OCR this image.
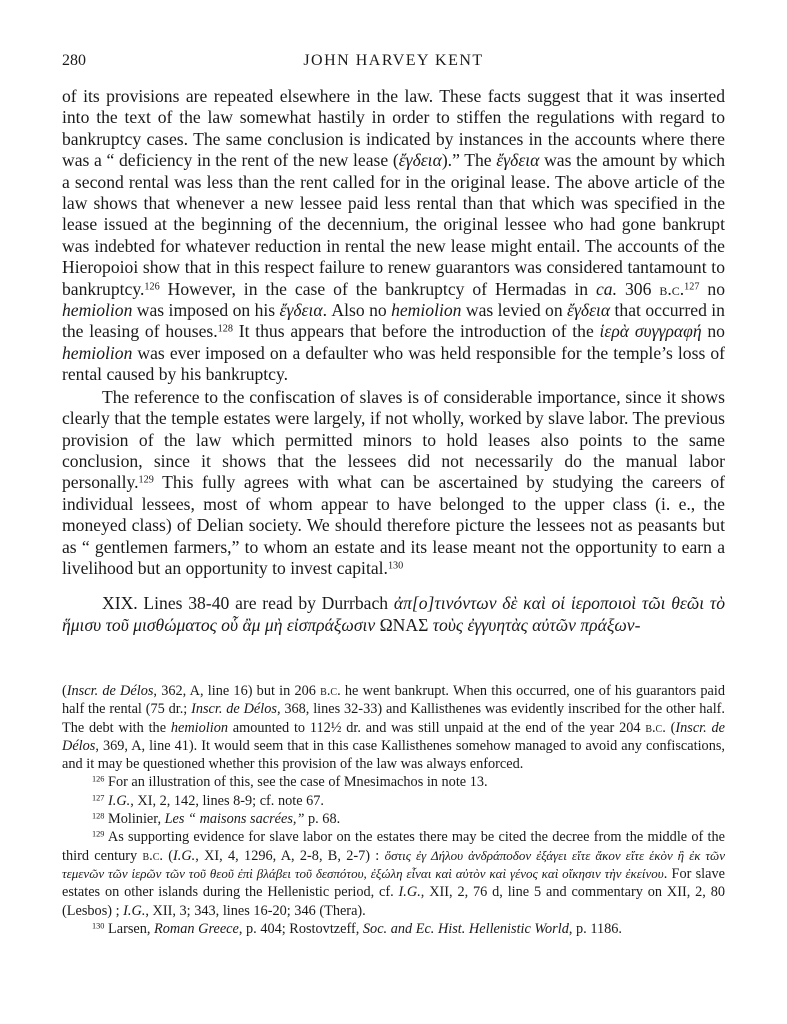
280	JOHN HARVEY KENT

of its provisions are repeated elsewhere in the law. These facts suggest that it was inserted into the text of the law somewhat hastily in order to stiffen the regulations with regard to bankruptcy cases. The same conclusion is indicated by instances in the accounts where there was a “ deficiency in the rent of the new lease (ἔγδεια).” The ἔγδεια was the amount by which a second rental was less than the rent called for in the original lease. The above article of the law shows that whenever a new lessee paid less rental than that which was specified in the lease issued at the beginning of the decennium, the original lessee who had gone bankrupt was indebted for whatever reduction in rental the new lease might entail. The accounts of the Hieropoioi show that in this respect failure to renew guarantors was considered tantamount to bankruptcy.$^{126}$ However, in the case of the bankruptcy of Hermadas in ca. 306 b.c.$^{127}$ no hemiolion was imposed on his ἔγδεια. Also no hemiolion was levied on ἔγδεια that occurred in the leasing of houses.$^{128}$ It thus appears that before the introduction of the ἱερὰ συγγραφή no hemiolion was ever imposed on a defaulter who was held responsible for the temple’s loss of rental caused by his bankruptcy.

The reference to the confiscation of slaves is of considerable importance, since it shows clearly that the temple estates were largely, if not wholly, worked by slave labor. The previous provision of the law which permitted minors to hold leases also points to the same conclusion, since it shows that the lessees did not necessarily do the manual labor personally.$^{129}$ This fully agrees with what can be ascertained by studying the careers of individual lessees, most of whom appear to have belonged to the upper class (i. e., the moneyed class) of Delian society. We should therefore picture the lessees not as peasants but as “ gentlemen farmers,” to whom an estate and its lease meant not the opportunity to earn a livelihood but an opportunity to invest capital.$^{130}$

XIX. Lines 38-40 are read by Durrbach ἀπ[ο]τινόντων δὲ καὶ οἱ ἱεροποιοὶ τῶι θεῶι τὸ ἥμισυ τοῦ μισθώματος οὗ ἂμ μὴ εἰσπράξωσιν ΩΝΑΣ τοὺς ἐγγυητὰς αὐτῶν πράξων-

(Inscr. de Délos, 362, A, line 16) but in 206 b.c. he went bankrupt. When this occurred, one of his guarantors paid half the rental (75 dr.; Inscr. de Délos, 368, lines 32-33) and Kallisthenes was evidently inscribed for the other half. The debt with the hemiolion amounted to 112½ dr. and was still unpaid at the end of the year 204 b.c. (Inscr. de Délos, 369, A, line 41). It would seem that in this case Kallisthenes somehow managed to avoid any confiscations, and it may be questioned whether this provision of the law was always enforced.

$^{126}$ For an illustration of this, see the case of Mnesimachos in note 13.

$^{127}$ I.G., XI, 2, 142, lines 8-9; cf. note 67.

$^{128}$ Molinier, Les “ maisons sacrées,” p. 68.

$^{129}$ As supporting evidence for slave labor on the estates there may be cited the decree from the middle of the third century b.c. (I.G., XI, 4, 1296, A, 2-8, B, 2-7) : ὅστις ἐγ Δήλου ἀνδράποδον ἐξάγει εἴτε ἄκον εἴτε ἑκὸν ἢ ἐκ τῶν τεμενῶν τῶν ἱερῶν τῶν τοῦ θεοῦ ἐπὶ βλάβει τοῦ δεσπότου, ἐξώλη εἶναι καὶ αὐτὸν καὶ γένος καὶ οἴκησιν τὴν ἐκείνου. For slave estates on other islands during the Hellenistic period, cf. I.G., XII, 2, 76 d, line 5 and commentary on XII, 2, 80 (Lesbos) ; I.G., XII, 3; 343, lines 16-20; 346 (Thera).

$^{130}$ Larsen, Roman Greece, p. 404; Rostovtzeff, Soc. and Ec. Hist. Hellenistic World, p. 1186.
